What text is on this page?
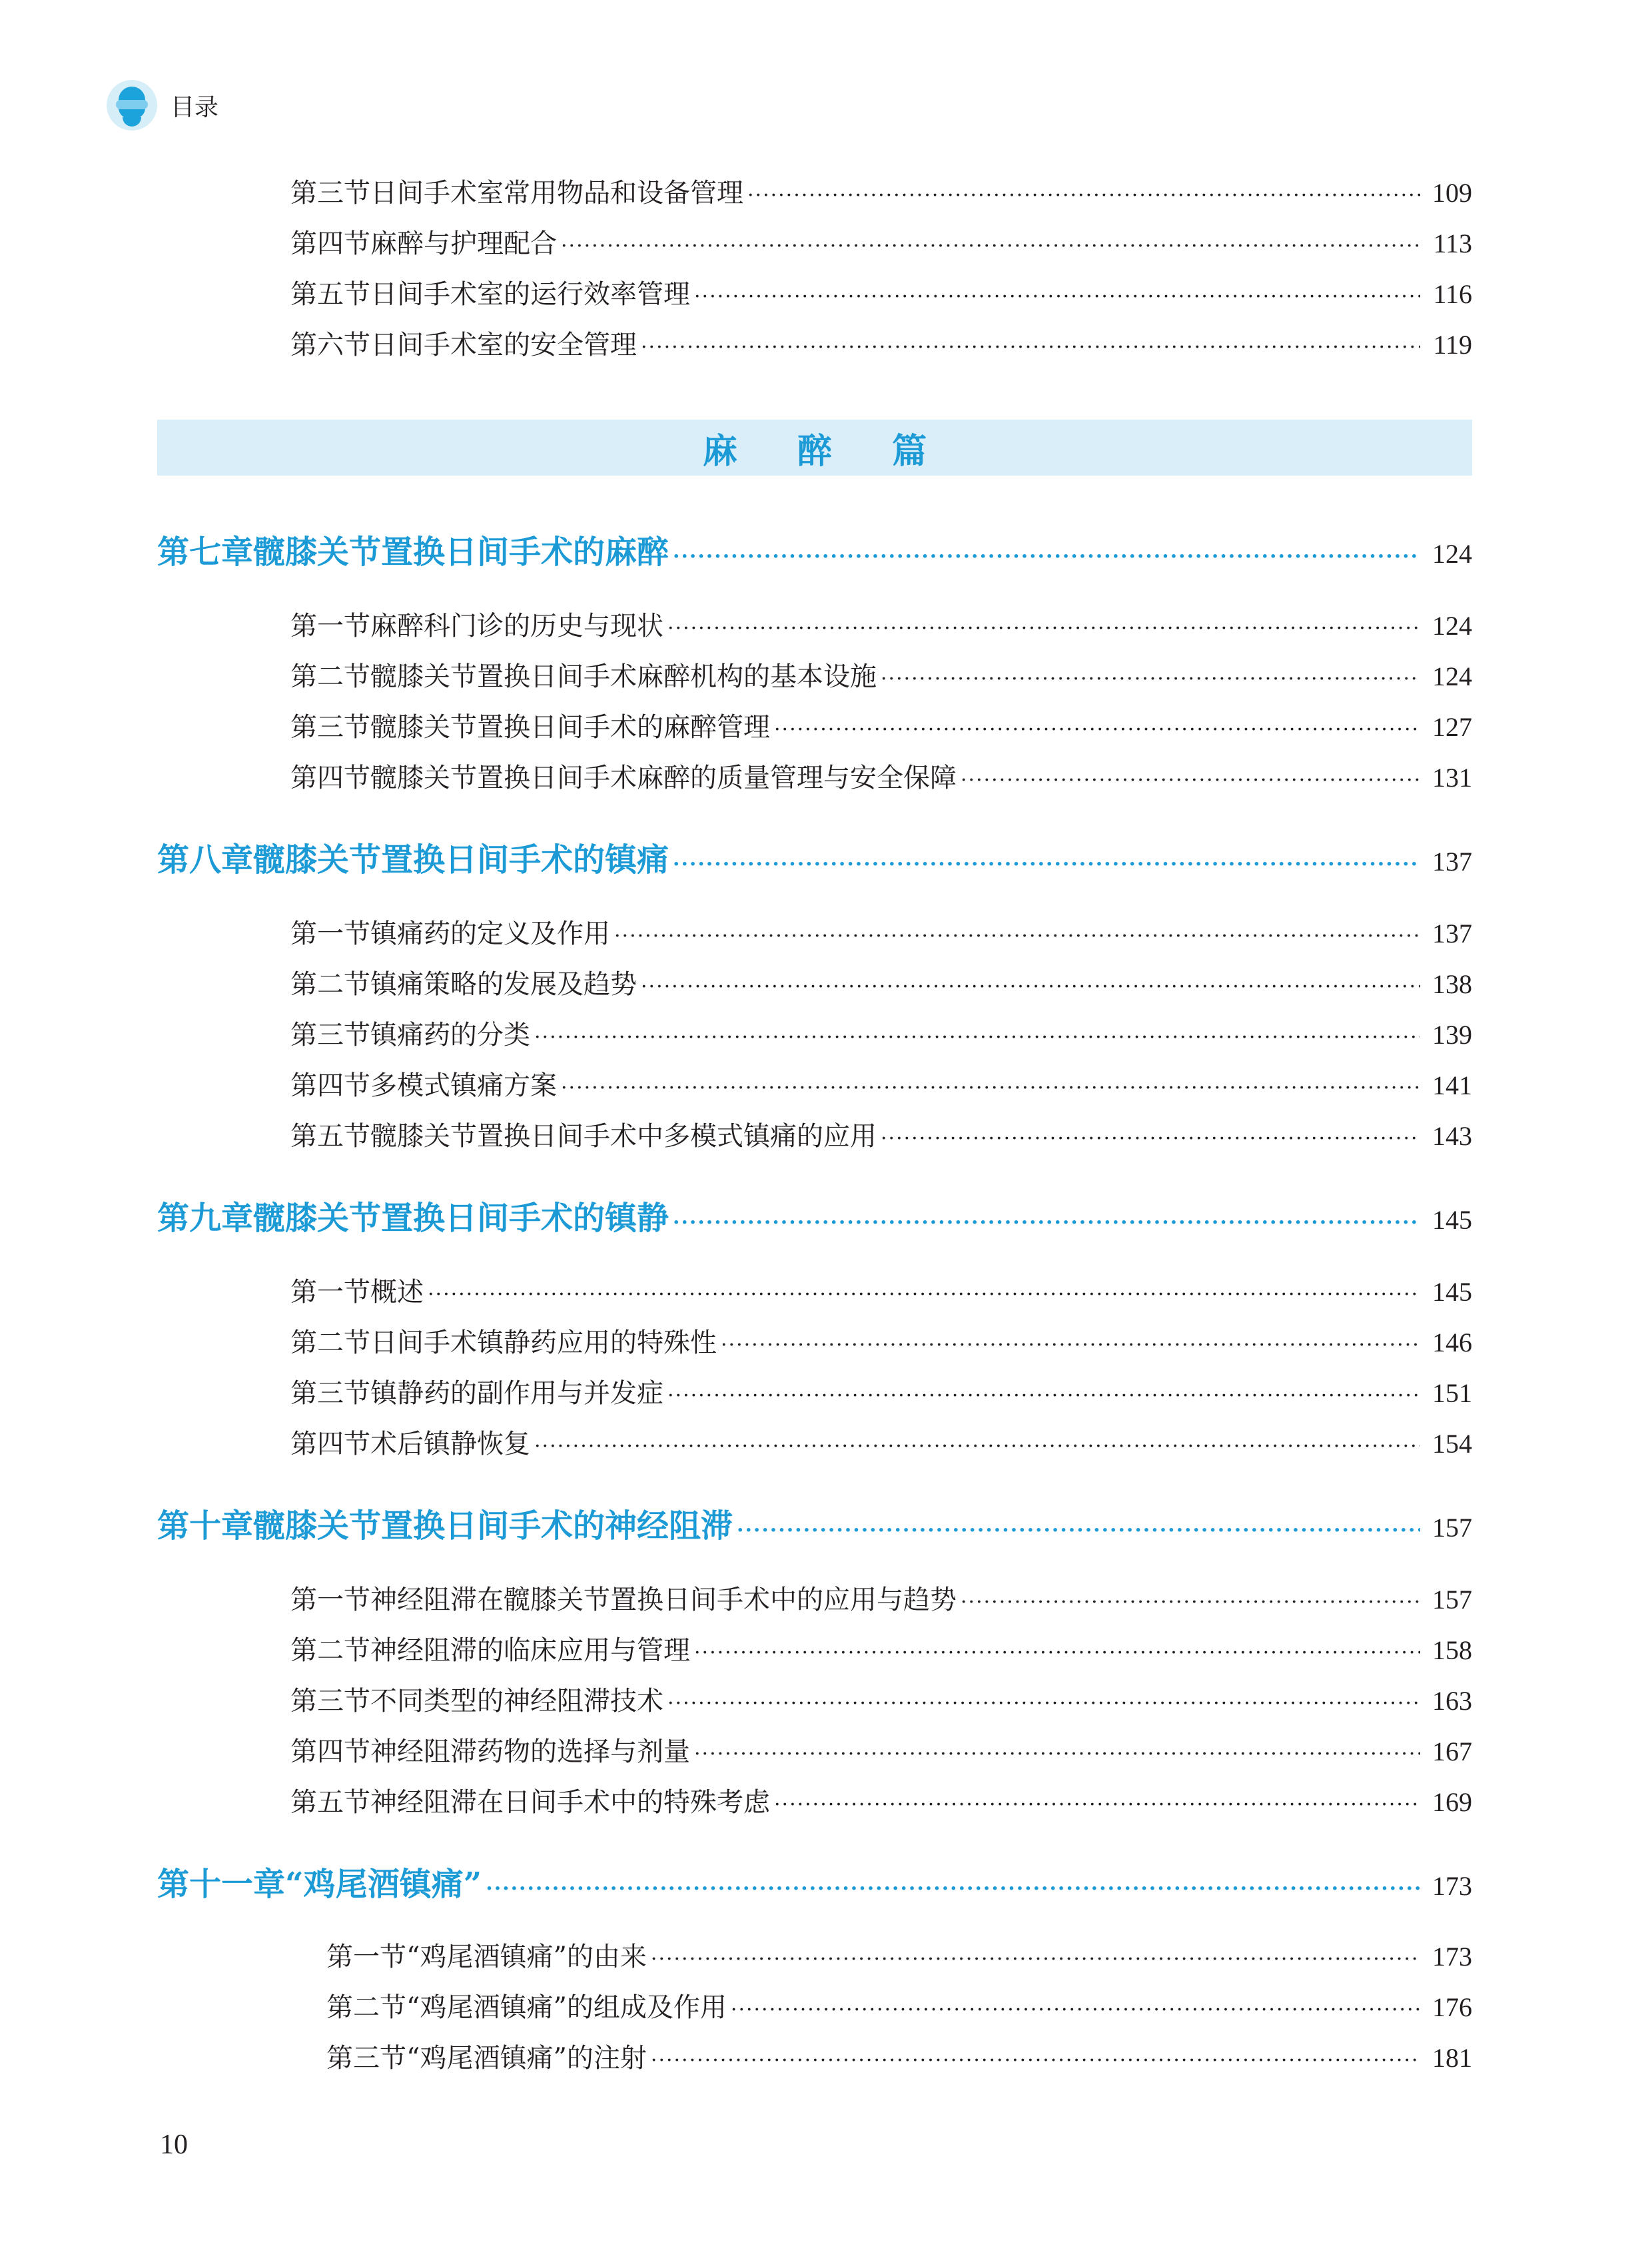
目录
第三节 日间手术室常用物品和设备管理 ·····	109
第四节 麻醉与护理配合 ·····	113
第五节 日间手术室的运行效率管理 ·····	116
第六节 日间手术室的安全管理 ·····	119
麻 醉 篇
第七章 髋膝关节置换日间手术的麻醉 ·····	124
第一节 麻醉科门诊的历史与现状 ·····	124
第二节 髋膝关节置换日间手术麻醉机构的基本设施 ·····	124
第三节 髋膝关节置换日间手术的麻醉管理 ·····	127
第四节 髋膝关节置换日间手术麻醉的质量管理与安全保障 ·····	131
第八章 髋膝关节置换日间手术的镇痛 ·····	137
第一节 镇痛药的定义及作用 ·····	137
第二节 镇痛策略的发展及趋势 ·····	138
第三节 镇痛药的分类 ·····	139
第四节 多模式镇痛方案 ·····	141
第五节 髋膝关节置换日间手术中多模式镇痛的应用 ·····	143
第九章 髋膝关节置换日间手术的镇静 ·····	145
第一节 概述 ·····	145
第二节 日间手术镇静药应用的特殊性 ·····	146
第三节 镇静药的副作用与并发症 ·····	151
第四节 术后镇静恢复 ·····	154
第十章 髋膝关节置换日间手术的神经阻滞 ·····	157
第一节 神经阻滞在髋膝关节置换日间手术中的应用与趋势 ·····	157
第二节 神经阻滞的临床应用与管理 ·····	158
第三节 不同类型的神经阻滞技术 ·····	163
第四节 神经阻滞药物的选择与剂量 ·····	167
第五节 神经阻滞在日间手术中的特殊考虑 ·····	169
第十一章 “鸡尾酒镇痛” ·····	173
第一节 “鸡尾酒镇痛”的由来 ·····	173
第二节 “鸡尾酒镇痛”的组成及作用 ·····	176
第三节 “鸡尾酒镇痛”的注射 ·····	181
10
